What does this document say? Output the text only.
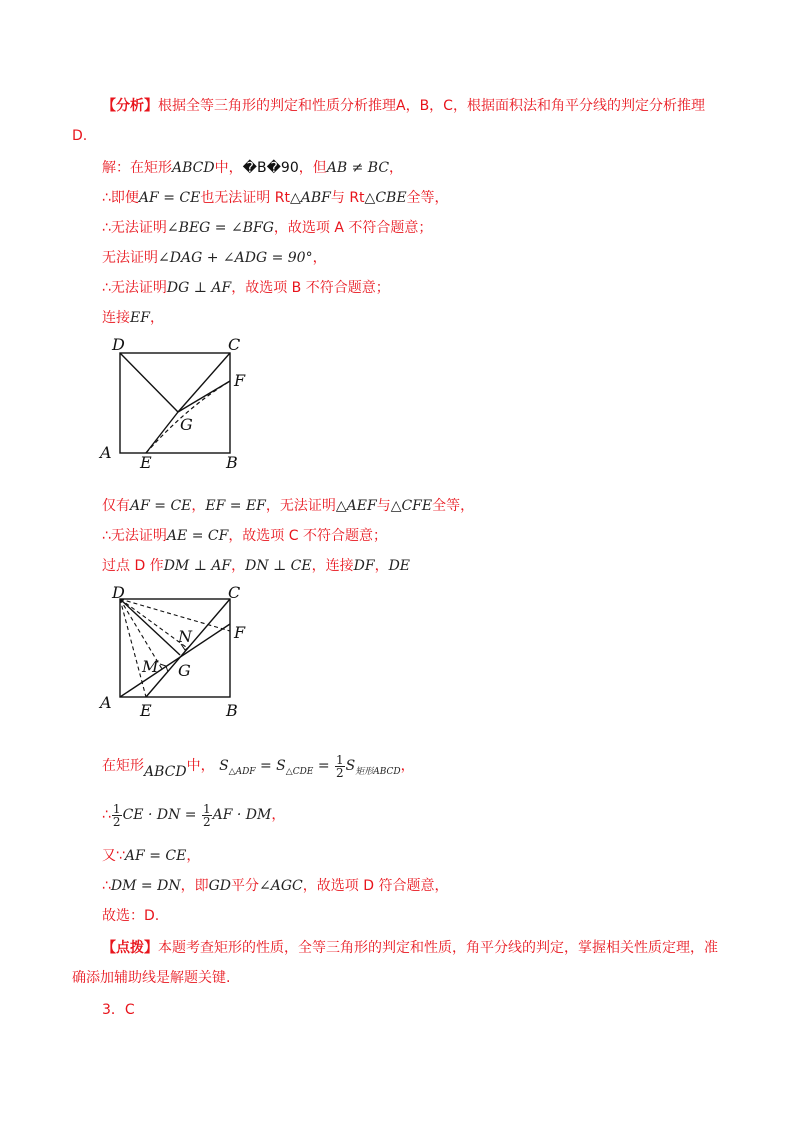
【分析】根据全等三角形的判定和性质分析推理A，B，C，根据面积法和角平分线的判定分析推理
D.
解：在矩形ABCD中，�B�90，但AB ≠ BC，
∴即便AF = CE也无法证明 Rt△ABF与 Rt△CBE全等，
∴无法证明∠BEG = ∠BFG，故选项 A 不符合题意；
无法证明∠DAG + ∠ADG = 90°，
∴无法证明DG ⊥ AF，故选项 B 不符合题意；
连接EF，
D	C
F
G
A
E	B
仅有AF = CE，EF = EF，无法证明△AEF与△CFE全等，
∴无法证明AE = CF，故选项 C 不符合题意；
过点 D 作DM ⊥ AF，DN ⊥ CE，连接DF，DE
D	C
F
N
M G
A E	B
在矩形ABCD中， $S_{\triangle ADF} = S_{\triangle CDE} = \frac{1}{2} S_{矩形ABCD}$，
∴ $\frac{1}{2}$ CE · DN = $\frac{1}{2}$ AF · DM，
又∵AF = CE，
∴DM = DN，即GD平分∠AGC，故选项 D 符合题意，
故选：D.
【点拨】本题考查矩形的性质，全等三角形的判定和性质，角平分线的判定，掌握相关性质定理，准
确添加辅助线是解题关键.
3．C
